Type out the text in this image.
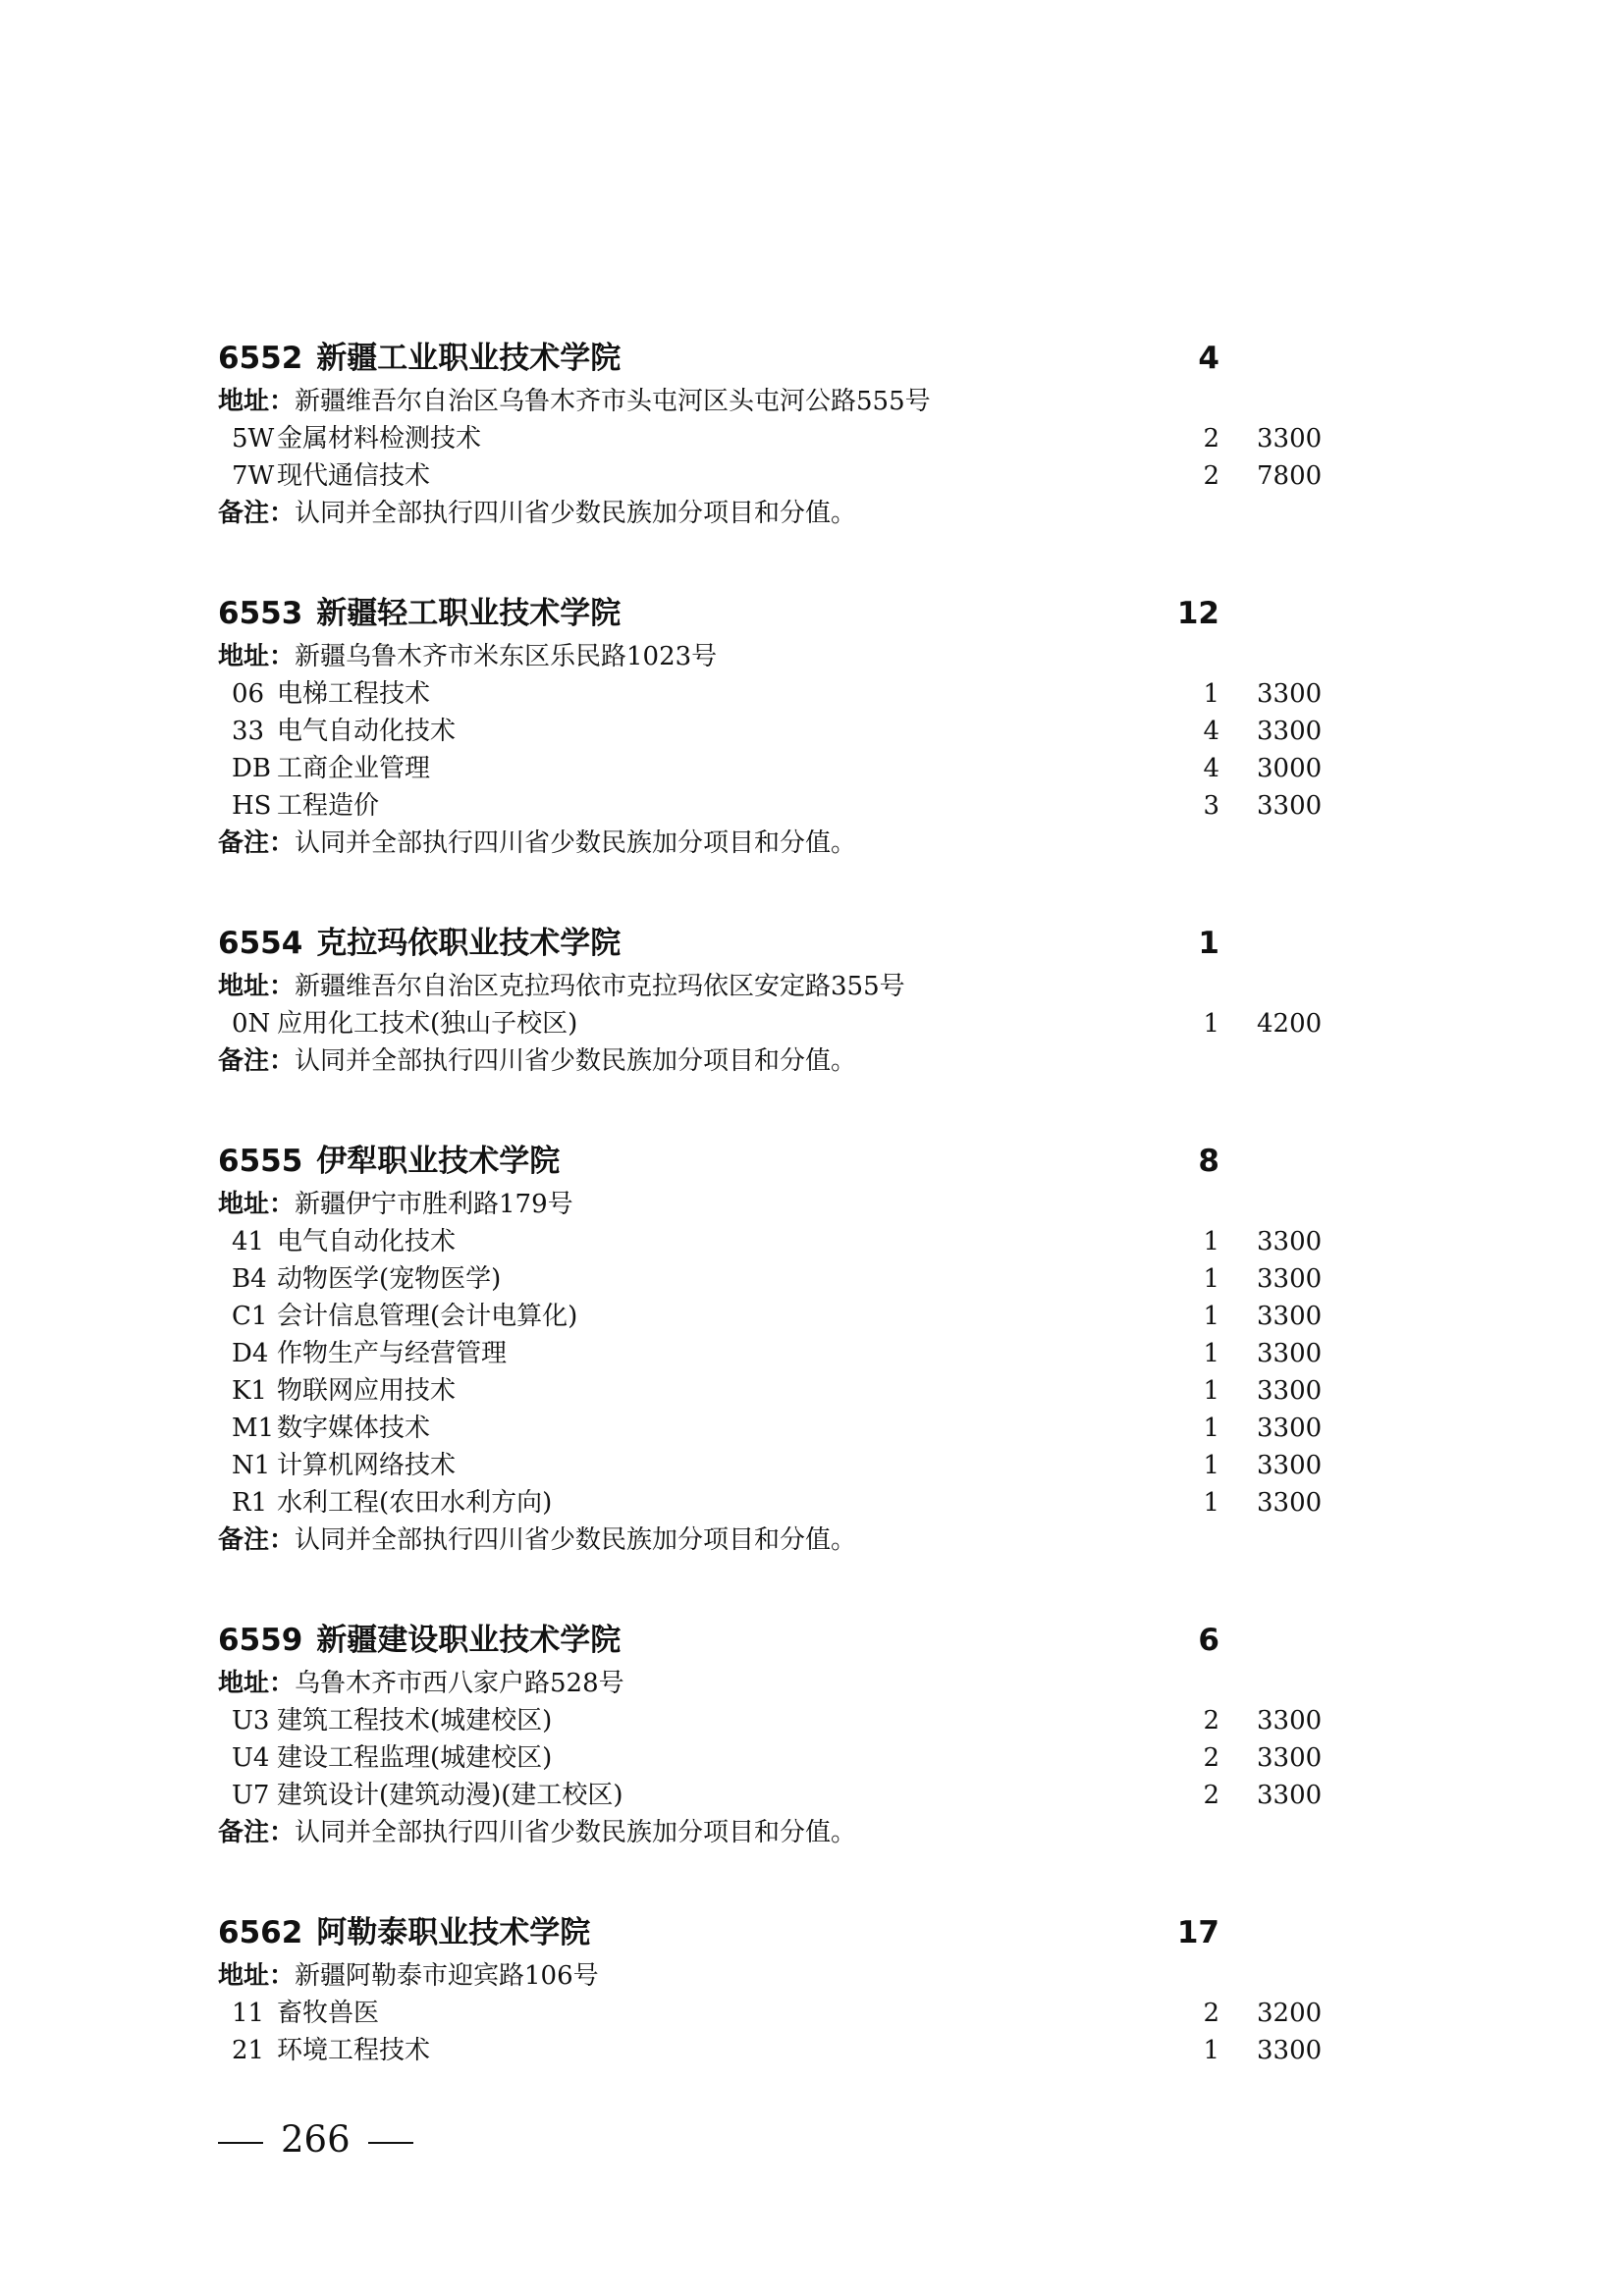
6552 新疆工业职业技术学院	4
地址：新疆维吾尔自治区乌鲁木齐市头屯河区头屯河公路555号
5W 金属材料检测技术	2 3300
7W 现代通信技术	2 7800
备注：认同并全部执行四川省少数民族加分项目和分值。
6553 新疆轻工职业技术学院	12
地址：新疆乌鲁木齐市米东区乐民路1023号
06 电梯工程技术	1 3300
33 电气自动化技术	4 3300
DB 工商企业管理	4 3000
HS 工程造价	3 3300
备注：认同并全部执行四川省少数民族加分项目和分值。
6554 克拉玛依职业技术学院	1
地址：新疆维吾尔自治区克拉玛依市克拉玛依区安定路355号
0N 应用化工技术(独山子校区)	1 4200
备注：认同并全部执行四川省少数民族加分项目和分值。
6555 伊犁职业技术学院	8
地址：新疆伊宁市胜利路179号
41 电气自动化技术	1 3300
B4 动物医学(宠物医学)	1 3300
C1 会计信息管理(会计电算化)	1 3300
D4 作物生产与经营管理	1 3300
K1 物联网应用技术	1 3300
M1 数字媒体技术	1 3300
N1 计算机网络技术	1 3300
R1 水利工程(农田水利方向)	1 3300
备注：认同并全部执行四川省少数民族加分项目和分值。
6559 新疆建设职业技术学院	6
地址：乌鲁木齐市西八家户路528号
U3 建筑工程技术(城建校区)	2 3300
U4 建设工程监理(城建校区)	2 3300
U7 建筑设计(建筑动漫)(建工校区)	2 3300
备注：认同并全部执行四川省少数民族加分项目和分值。
6562 阿勒泰职业技术学院	17
地址：新疆阿勒泰市迎宾路106号
11 畜牧兽医	2 3200
21 环境工程技术	1 3300
266
